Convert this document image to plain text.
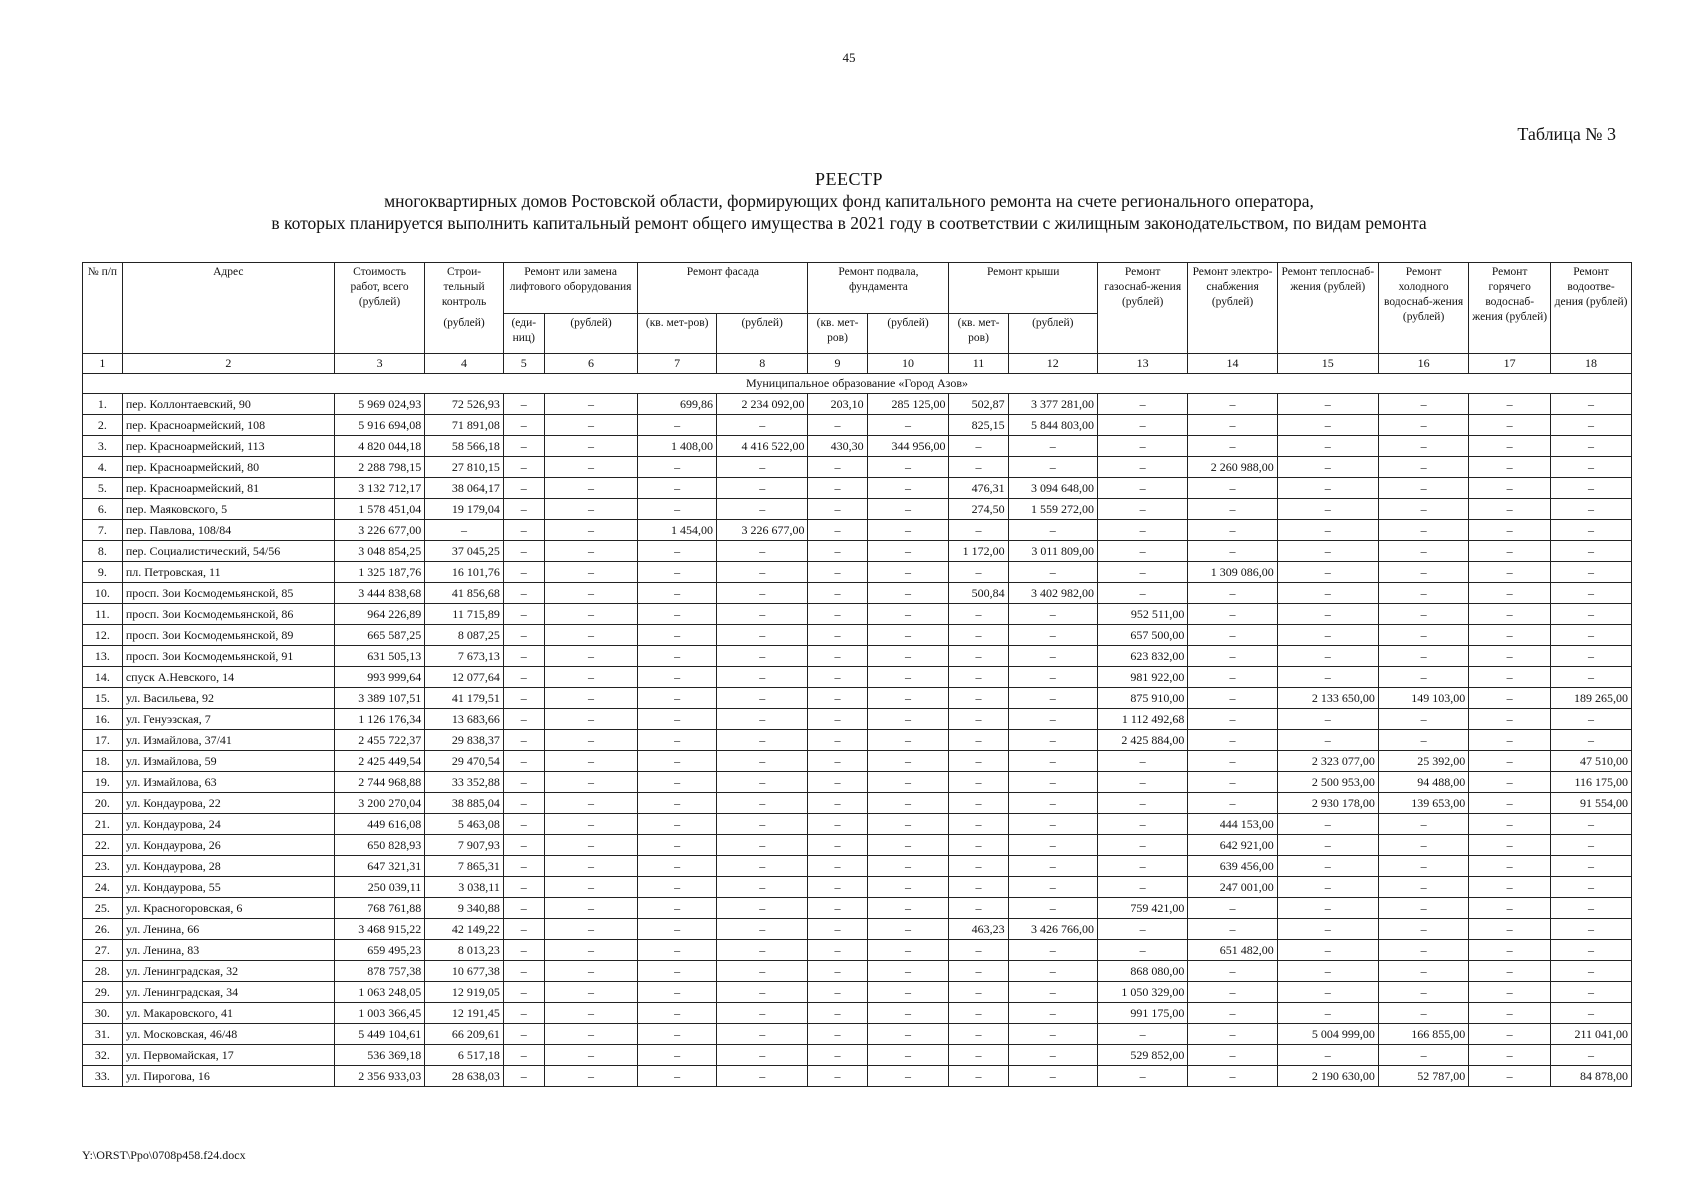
45
Таблица № 3
РЕЕСТР
многоквартирных домов Ростовской области, формирующих фонд капитального ремонта на счете регионального оператора,
в которых планируется выполнить капитальный ремонт общего имущества в 2021 году в соответствии с жилищным законодательством, по видам ремонта
№ п/п	Адрес	Стоимость работ, всего (рублей)	Строи-тельный контроль	Ремонт или замена лифтового оборудования		Ремонт фасада		Ремонт подвала, фундамента		Ремонт крыши		Ремонт газоснаб-жения (рублей)	Ремонт электро-снабжения (рублей)	Ремонт теплоснаб-жения (рублей)	Ремонт холодного водоснаб-жения (рублей)	Ремонт горячего водоснаб-жения (рублей)	Ремонт водоотве-дения (рублей)
			(рублей)	(еди-ниц)	(рублей)	(кв. мет-ров)	(рублей)	(кв. мет-ров)	(рублей)	(кв. мет-ров)	(рублей)						
1	2	3	4	5	6	7	8	9	10	11	12	13	14	15	16	17	18
Муниципальное образование «Город Азов»																	
1.	пер. Коллонтаевский, 90	5 969 024,93	72 526,93	–	–	699,86	2 234 092,00	203,10	285 125,00	502,87	3 377 281,00	–	–	–	–	–	–
2.	пер. Красноармейский, 108	5 916 694,08	71 891,08	–	–	–	–	–	–	825,15	5 844 803,00	–	–	–	–	–	–
3.	пер. Красноармейский, 113	4 820 044,18	58 566,18	–	–	1 408,00	4 416 522,00	430,30	344 956,00	–	–	–	–	–	–	–	–
4.	пер. Красноармейский, 80	2 288 798,15	27 810,15	–	–	–	–	–	–	–	–	–	2 260 988,00	–	–	–	–
5.	пер. Красноармейский, 81	3 132 712,17	38 064,17	–	–	–	–	–	–	476,31	3 094 648,00	–	–	–	–	–	–
6.	пер. Маяковского, 5	1 578 451,04	19 179,04	–	–	–	–	–	–	274,50	1 559 272,00	–	–	–	–	–	–
7.	пер. Павлова, 108/84	3 226 677,00	–	–	–	1 454,00	3 226 677,00	–	–	–	–	–	–	–	–	–	–
8.	пер. Социалистический, 54/56	3 048 854,25	37 045,25	–	–	–	–	–	–	1 172,00	3 011 809,00	–	–	–	–	–	–
9.	пл. Петровская, 11	1 325 187,76	16 101,76	–	–	–	–	–	–	–	–	–	1 309 086,00	–	–	–	–
10.	просп. Зои Космодемьянской, 85	3 444 838,68	41 856,68	–	–	–	–	–	–	500,84	3 402 982,00	–	–	–	–	–	–
11.	просп. Зои Космодемьянской, 86	964 226,89	11 715,89	–	–	–	–	–	–	–	–	952 511,00	–	–	–	–	–
12.	просп. Зои Космодемьянской, 89	665 587,25	8 087,25	–	–	–	–	–	–	–	–	657 500,00	–	–	–	–	–
13.	просп. Зои Космодемьянской, 91	631 505,13	7 673,13	–	–	–	–	–	–	–	–	623 832,00	–	–	–	–	–
14.	спуск А.Невского, 14	993 999,64	12 077,64	–	–	–	–	–	–	–	–	981 922,00	–	–	–	–	–
15.	ул. Васильева, 92	3 389 107,51	41 179,51	–	–	–	–	–	–	–	–	875 910,00	–	2 133 650,00	149 103,00	–	189 265,00
16.	ул. Генуэзская, 7	1 126 176,34	13 683,66	–	–	–	–	–	–	–	–	1 112 492,68	–	–	–	–	–
17.	ул. Измайлова, 37/41	2 455 722,37	29 838,37	–	–	–	–	–	–	–	–	2 425 884,00	–	–	–	–	–
18.	ул. Измайлова, 59	2 425 449,54	29 470,54	–	–	–	–	–	–	–	–	–	–	2 323 077,00	25 392,00	–	47 510,00
19.	ул. Измайлова, 63	2 744 968,88	33 352,88	–	–	–	–	–	–	–	–	–	–	2 500 953,00	94 488,00	–	116 175,00
20.	ул. Кондаурова, 22	3 200 270,04	38 885,04	–	–	–	–	–	–	–	–	–	–	2 930 178,00	139 653,00	–	91 554,00
21.	ул. Кондаурова, 24	449 616,08	5 463,08	–	–	–	–	–	–	–	–	–	444 153,00	–	–	–	–
22.	ул. Кондаурова, 26	650 828,93	7 907,93	–	–	–	–	–	–	–	–	–	642 921,00	–	–	–	–
23.	ул. Кондаурова, 28	647 321,31	7 865,31	–	–	–	–	–	–	–	–	–	639 456,00	–	–	–	–
24.	ул. Кондаурова, 55	250 039,11	3 038,11	–	–	–	–	–	–	–	–	–	247 001,00	–	–	–	–
25.	ул. Красногоровская, 6	768 761,88	9 340,88	–	–	–	–	–	–	–	–	759 421,00	–	–	–	–	–
26.	ул. Ленина, 66	3 468 915,22	42 149,22	–	–	–	–	–	–	463,23	3 426 766,00	–	–	–	–	–	–
27.	ул. Ленина, 83	659 495,23	8 013,23	–	–	–	–	–	–	–	–	–	651 482,00	–	–	–	–
28.	ул. Ленинградская, 32	878 757,38	10 677,38	–	–	–	–	–	–	–	–	868 080,00	–	–	–	–	–
29.	ул. Ленинградская, 34	1 063 248,05	12 919,05	–	–	–	–	–	–	–	–	1 050 329,00	–	–	–	–	–
30.	ул. Макаровского, 41	1 003 366,45	12 191,45	–	–	–	–	–	–	–	–	991 175,00	–	–	–	–	–
31.	ул. Московская, 46/48	5 449 104,61	66 209,61	–	–	–	–	–	–	–	–	–	–	5 004 999,00	166 855,00	–	211 041,00
32.	ул. Первомайская, 17	536 369,18	6 517,18	–	–	–	–	–	–	–	–	529 852,00	–	–	–	–	–
33.	ул. Пирогова, 16	2 356 933,03	28 638,03	–	–	–	–	–	–	–	–	–	–	2 190 630,00	52 787,00	–	84 878,00
Y:\ORST\Ppo\0708p458.f24.docx
